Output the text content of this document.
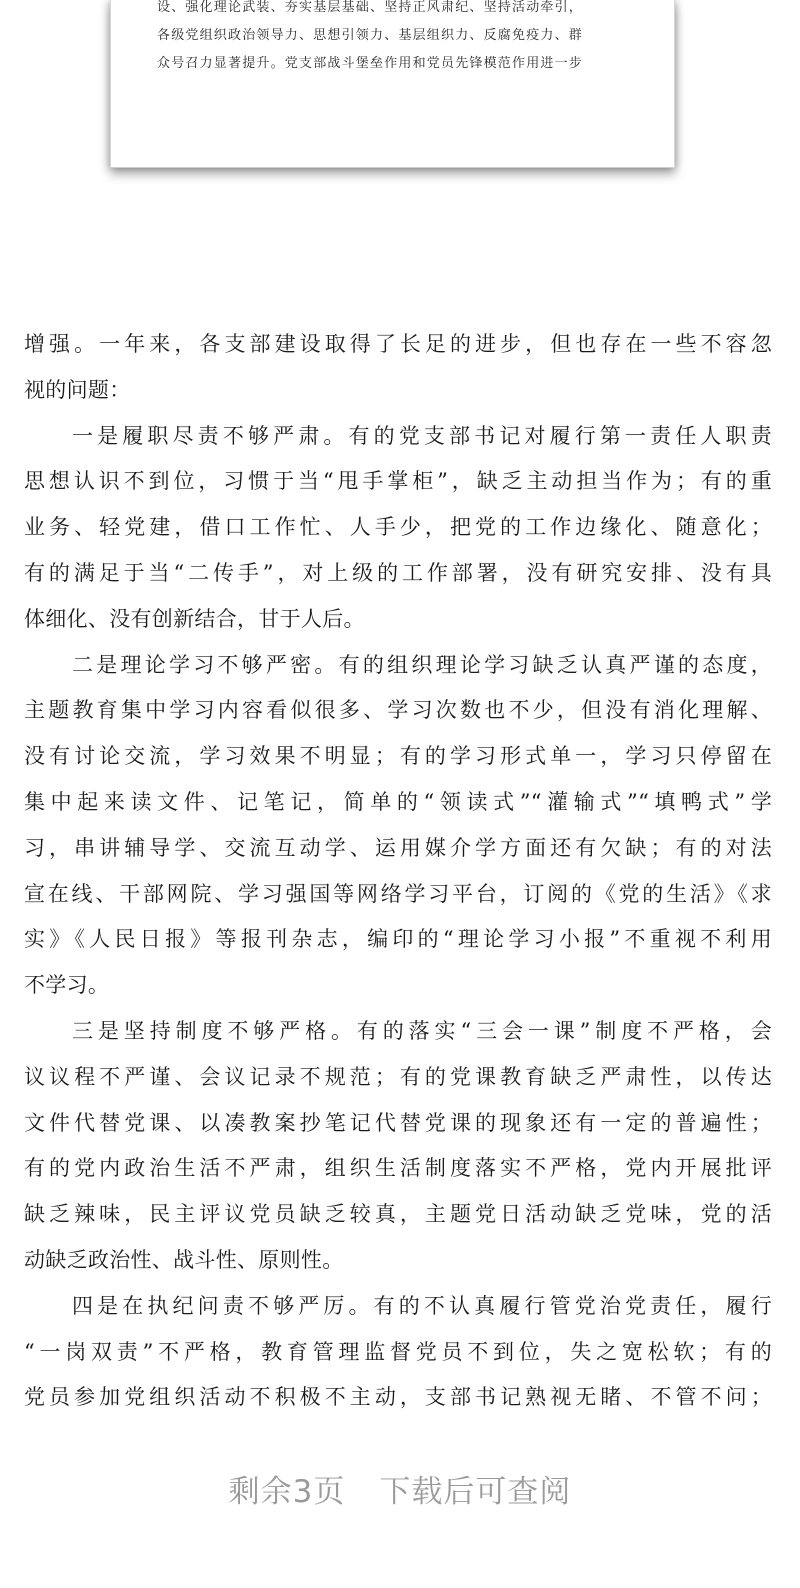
设、强化理论武装、夯实基层基础、坚持正风肃纪、坚持活动牵引，
各级党组织政治领导力、思想引领力、基层组织力、反腐免疫力、群
众号召力显著提升。党支部战斗堡垒作用和党员先锋模范作用进一步
增强。一年来，各支部建设取得了长足的进步，但也存在一些不容忽
视的问题：
一是履职尽责不够严肃。有的党支部书记对履行第一责任人职责
思想认识不到位，习惯于当“甩手掌柜”，缺乏主动担当作为；有的重
业务、轻党建，借口工作忙、人手少，把党的工作边缘化、随意化；
有的满足于当“二传手”，对上级的工作部署，没有研究安排、没有具
体细化、没有创新结合，甘于人后。
二是理论学习不够严密。有的组织理论学习缺乏认真严谨的态度，
主题教育集中学习内容看似很多、学习次数也不少，但没有消化理解、
没有讨论交流，学习效果不明显；有的学习形式单一，学习只停留在
集中起来读文件、记笔记，简单的“领读式”“灌输式”“填鸭式”学
习，串讲辅导学、交流互动学、运用媒介学方面还有欠缺；有的对法
宣在线、干部网院、学习强国等网络学习平台，订阅的《党的生活》《求
实》《人民日报》等报刊杂志，编印的“理论学习小报”不重视不利用
不学习。
三是坚持制度不够严格。有的落实“三会一课”制度不严格，会
议议程不严谨、会议记录不规范；有的党课教育缺乏严肃性，以传达
文件代替党课、以凑教案抄笔记代替党课的现象还有一定的普遍性；
有的党内政治生活不严肃，组织生活制度落实不严格，党内开展批评
缺乏辣味，民主评议党员缺乏较真，主题党日活动缺乏党味，党的活
动缺乏政治性、战斗性、原则性。
四是在执纪问责不够严厉。有的不认真履行管党治党责任，履行
“一岗双责”不严格，教育管理监督党员不到位，失之宽松软；有的
党员参加党组织活动不积极不主动，支部书记熟视无睹、不管不问；
剩余3页 下载后可查阅
